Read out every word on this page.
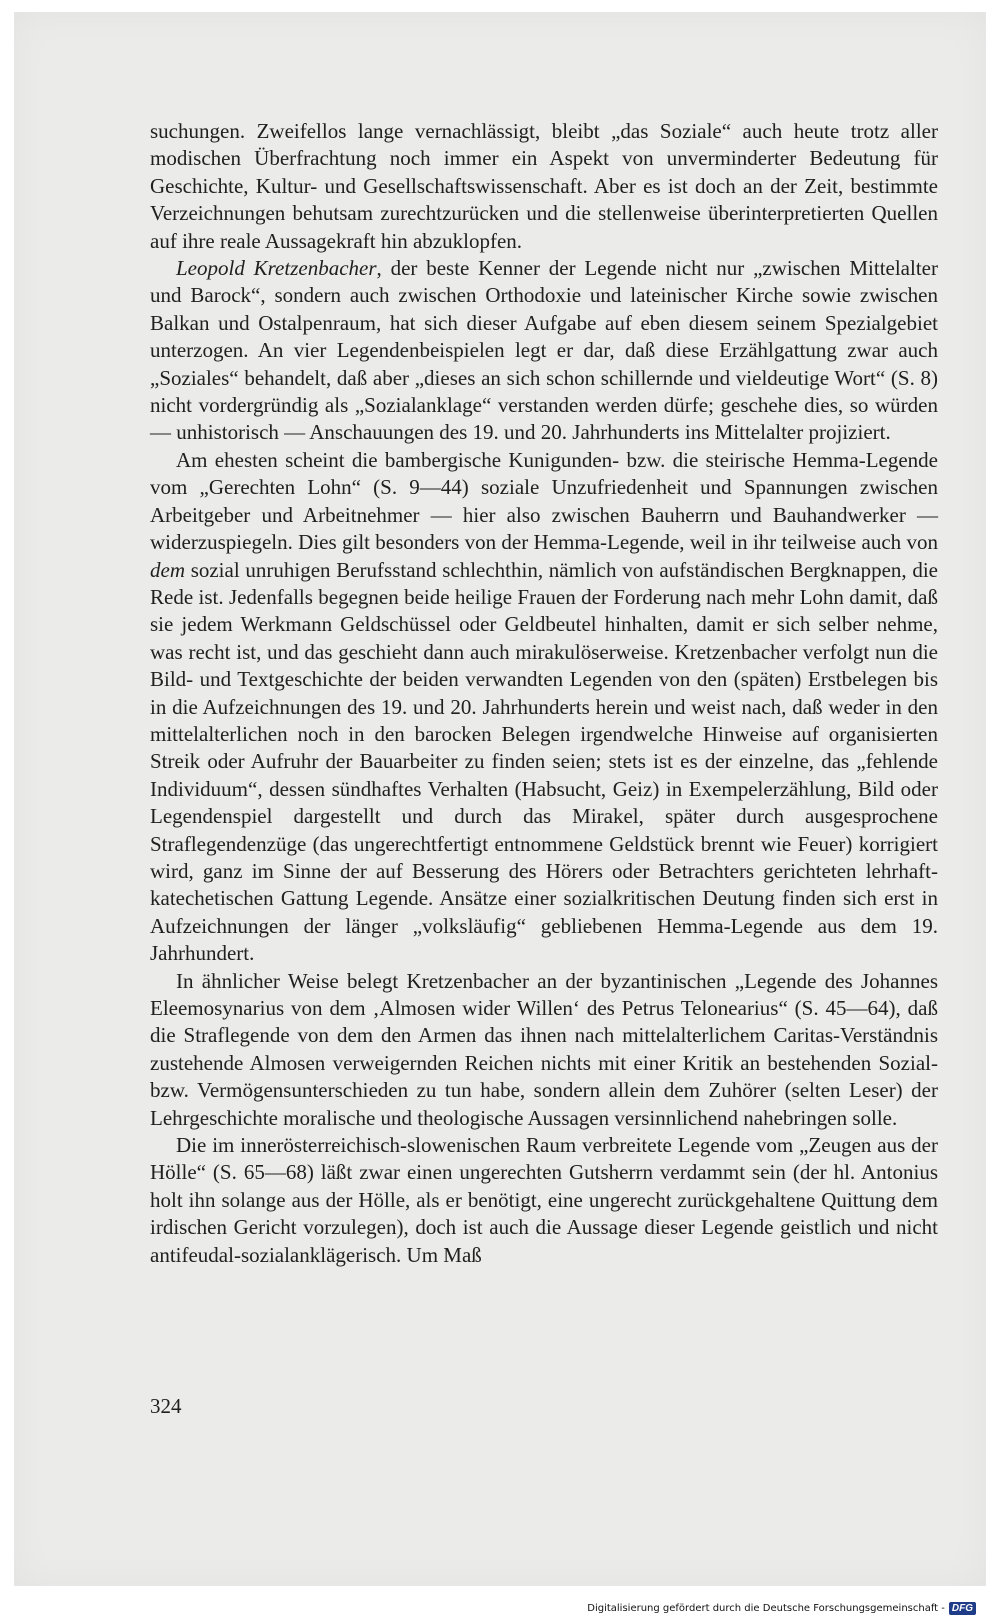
suchungen. Zweifellos lange vernachlässigt, bleibt „das Soziale“ auch heute trotz aller modischen Überfrachtung noch immer ein Aspekt von unverminderter Bedeutung für Geschichte, Kultur- und Gesellschaftswissenschaft. Aber es ist doch an der Zeit, bestimmte Verzeichnungen behutsam zurechtzurücken und die stellenweise überinterpretierten Quellen auf ihre reale Aussagekraft hin abzuklopfen.

Leopold Kretzenbacher, der beste Kenner der Legende nicht nur „zwischen Mittelalter und Barock“, sondern auch zwischen Orthodoxie und lateinischer Kirche sowie zwischen Balkan und Ostalpenraum, hat sich dieser Aufgabe auf eben diesem seinem Spezialgebiet unterzogen. An vier Legendenbeispielen legt er dar, daß diese Erzählgattung zwar auch „Soziales“ behandelt, daß aber „dieses an sich schon schillernde und vieldeutige Wort“ (S. 8) nicht vordergründig als „Sozialanklage“ verstanden werden dürfe; geschehe dies, so würden — unhistorisch — Anschauungen des 19. und 20. Jahrhunderts ins Mittelalter projiziert.

Am ehesten scheint die bambergische Kunigunden- bzw. die steirische Hemma-Legende vom „Gerechten Lohn“ (S. 9—44) soziale Unzufriedenheit und Spannungen zwischen Arbeitgeber und Arbeitnehmer — hier also zwischen Bauherrn und Bauhandwerker — widerzuspiegeln. Dies gilt besonders von der Hemma-Legende, weil in ihr teilweise auch von dem sozial unruhigen Berufsstand schlechthin, nämlich von aufständischen Bergknappen, die Rede ist. Jedenfalls begegnen beide heilige Frauen der Forderung nach mehr Lohn damit, daß sie jedem Werkmann Geldschüssel oder Geldbeutel hinhalten, damit er sich selber nehme, was recht ist, und das geschieht dann auch mirakulöserweise. Kretzenbacher verfolgt nun die Bild- und Textgeschichte der beiden verwandten Legenden von den (späten) Erstbelegen bis in die Aufzeichnungen des 19. und 20. Jahrhunderts herein und weist nach, daß weder in den mittelalterlichen noch in den barocken Belegen irgendwelche Hinweise auf organisierten Streik oder Aufruhr der Bauarbeiter zu finden seien; stets ist es der einzelne, das „fehlende Individuum“, dessen sündhaftes Verhalten (Habsucht, Geiz) in Exempelerzählung, Bild oder Legendenspiel dargestellt und durch das Mirakel, später durch ausgesprochene Straflegendenzüge (das ungerechtfertigt entnommene Geldstück brennt wie Feuer) korrigiert wird, ganz im Sinne der auf Besserung des Hörers oder Betrachters gerichteten lehrhaft-katechetischen Gattung Legende. Ansätze einer sozialkritischen Deutung finden sich erst in Aufzeichnungen der länger „volksläufig“ gebliebenen Hemma-Legende aus dem 19. Jahrhundert.

In ähnlicher Weise belegt Kretzenbacher an der byzantinischen „Legende des Johannes Eleemosynarius von dem ‚Almosen wider Willen‘ des Petrus Telonearius“ (S. 45—64), daß die Straflegende von dem den Armen das ihnen nach mittelalterlichem Caritas-Verständnis zustehende Almosen verweigernden Reichen nichts mit einer Kritik an bestehenden Sozial- bzw. Vermögensunterschieden zu tun habe, sondern allein dem Zuhörer (selten Leser) der Lehrgeschichte moralische und theologische Aussagen versinnlichend nahebringen solle.

Die im innerösterreichisch-slowenischen Raum verbreitete Legende vom „Zeugen aus der Hölle“ (S. 65—68) läßt zwar einen ungerechten Gutsherrn verdammt sein (der hl. Antonius holt ihn solange aus der Hölle, als er benötigt, eine ungerecht zurückgehaltene Quittung dem irdischen Gericht vorzulegen), doch ist auch die Aussage dieser Legende geistlich und nicht antifeudal-sozialanklägerisch. Um Maß

324
Digitalisierung gefördert durch die Deutsche Forschungsgemeinschaft - DFG
